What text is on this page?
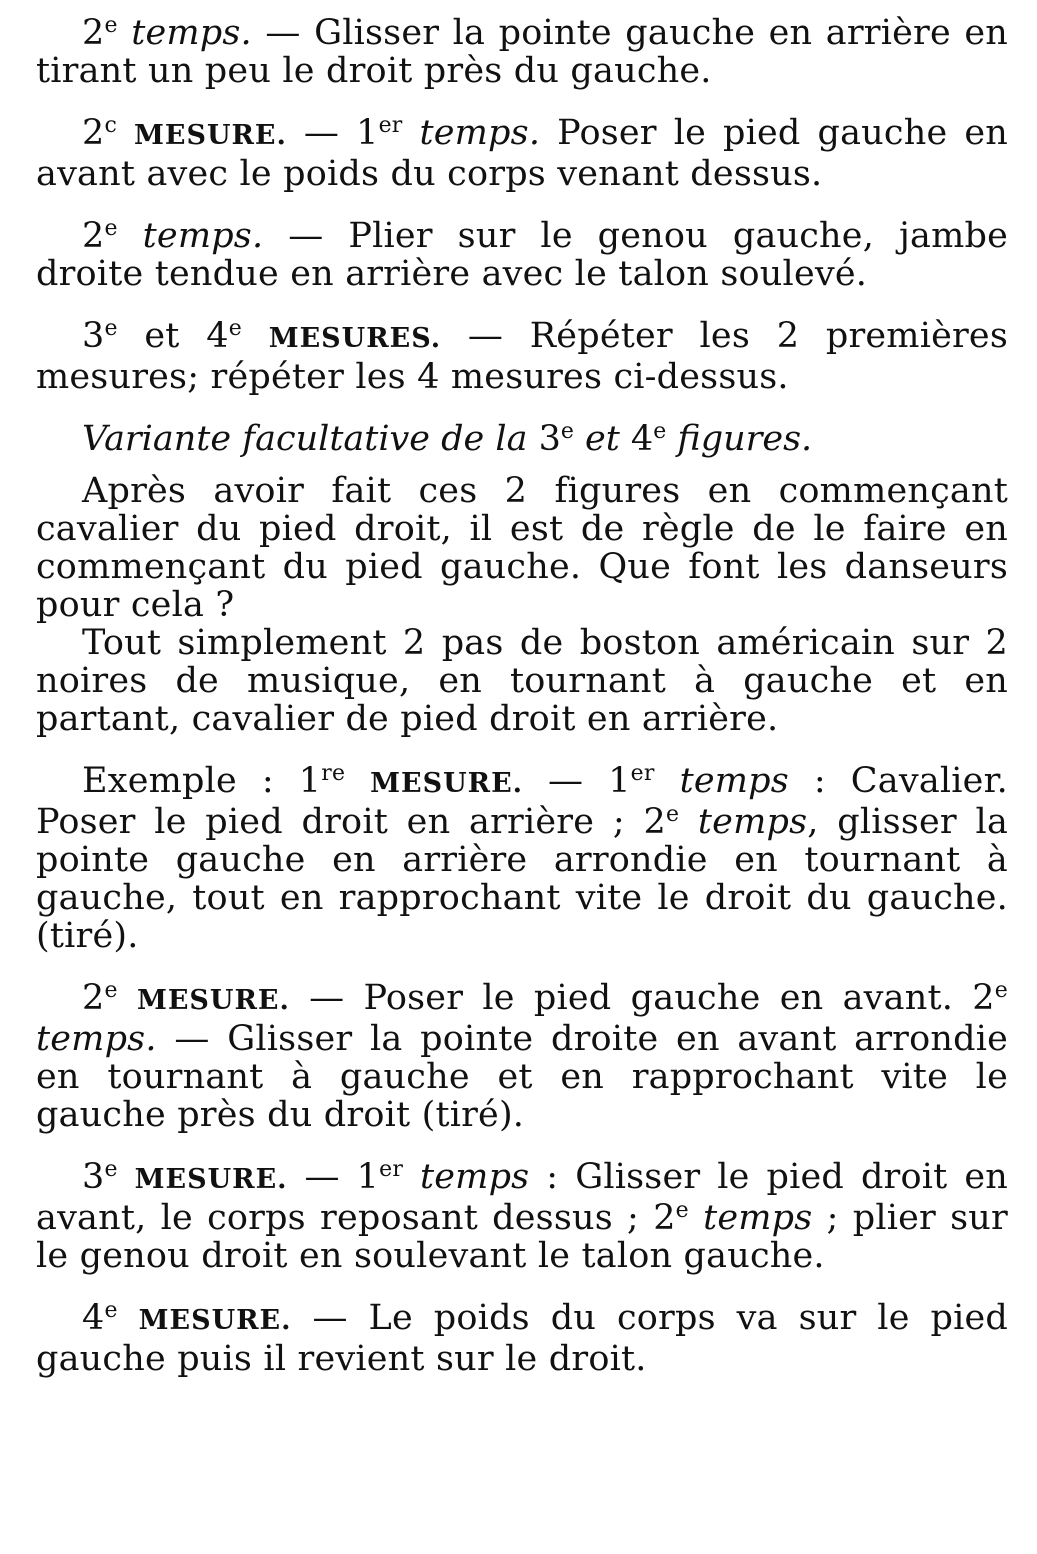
2e temps. — Glisser la pointe gauche en arrière en tirant un peu le droit près du gauche.

2$^c$ MESURE. — 1er temps. Poser le pied gauche en avant avec le poids du corps venant dessus.

2e temps. — Plier sur le genou gauche, jambe droite tendue en arrière avec le talon soulevé.

3e et 4e MESURES. — Répéter les 2 premières mesures; répéter les 4 mesures ci-dessus.

Variante facultative de la 3e et 4e figures.

Après avoir fait ces 2 figures en commençant cavalier du pied droit, il est de règle de le faire en commençant du pied gauche. Que font les danseurs pour cela ?

Tout simplement 2 pas de boston américain sur 2 noires de musique, en tournant à gauche et en partant, cavalier de pied droit en arrière.

Exemple : 1re MESURE. — 1er temps : Cavalier. Poser le pied droit en arrière ; 2e temps, glisser la pointe gauche en arrière arrondie en tournant à gauche, tout en rapprochant vite le droit du gauche. (tiré).

2e MESURE. — Poser le pied gauche en avant. 2e temps. — Glisser la pointe droite en avant arrondie en tournant à gauche et en rapprochant vite le gauche près du droit (tiré).

3e MESURE. — 1er temps : Glisser le pied droit en avant, le corps reposant dessus ; 2e temps ; plier sur le genou droit en soulevant le talon gauche.

4e MESURE. — Le poids du corps va sur le pied gauche puis il revient sur le droit.
